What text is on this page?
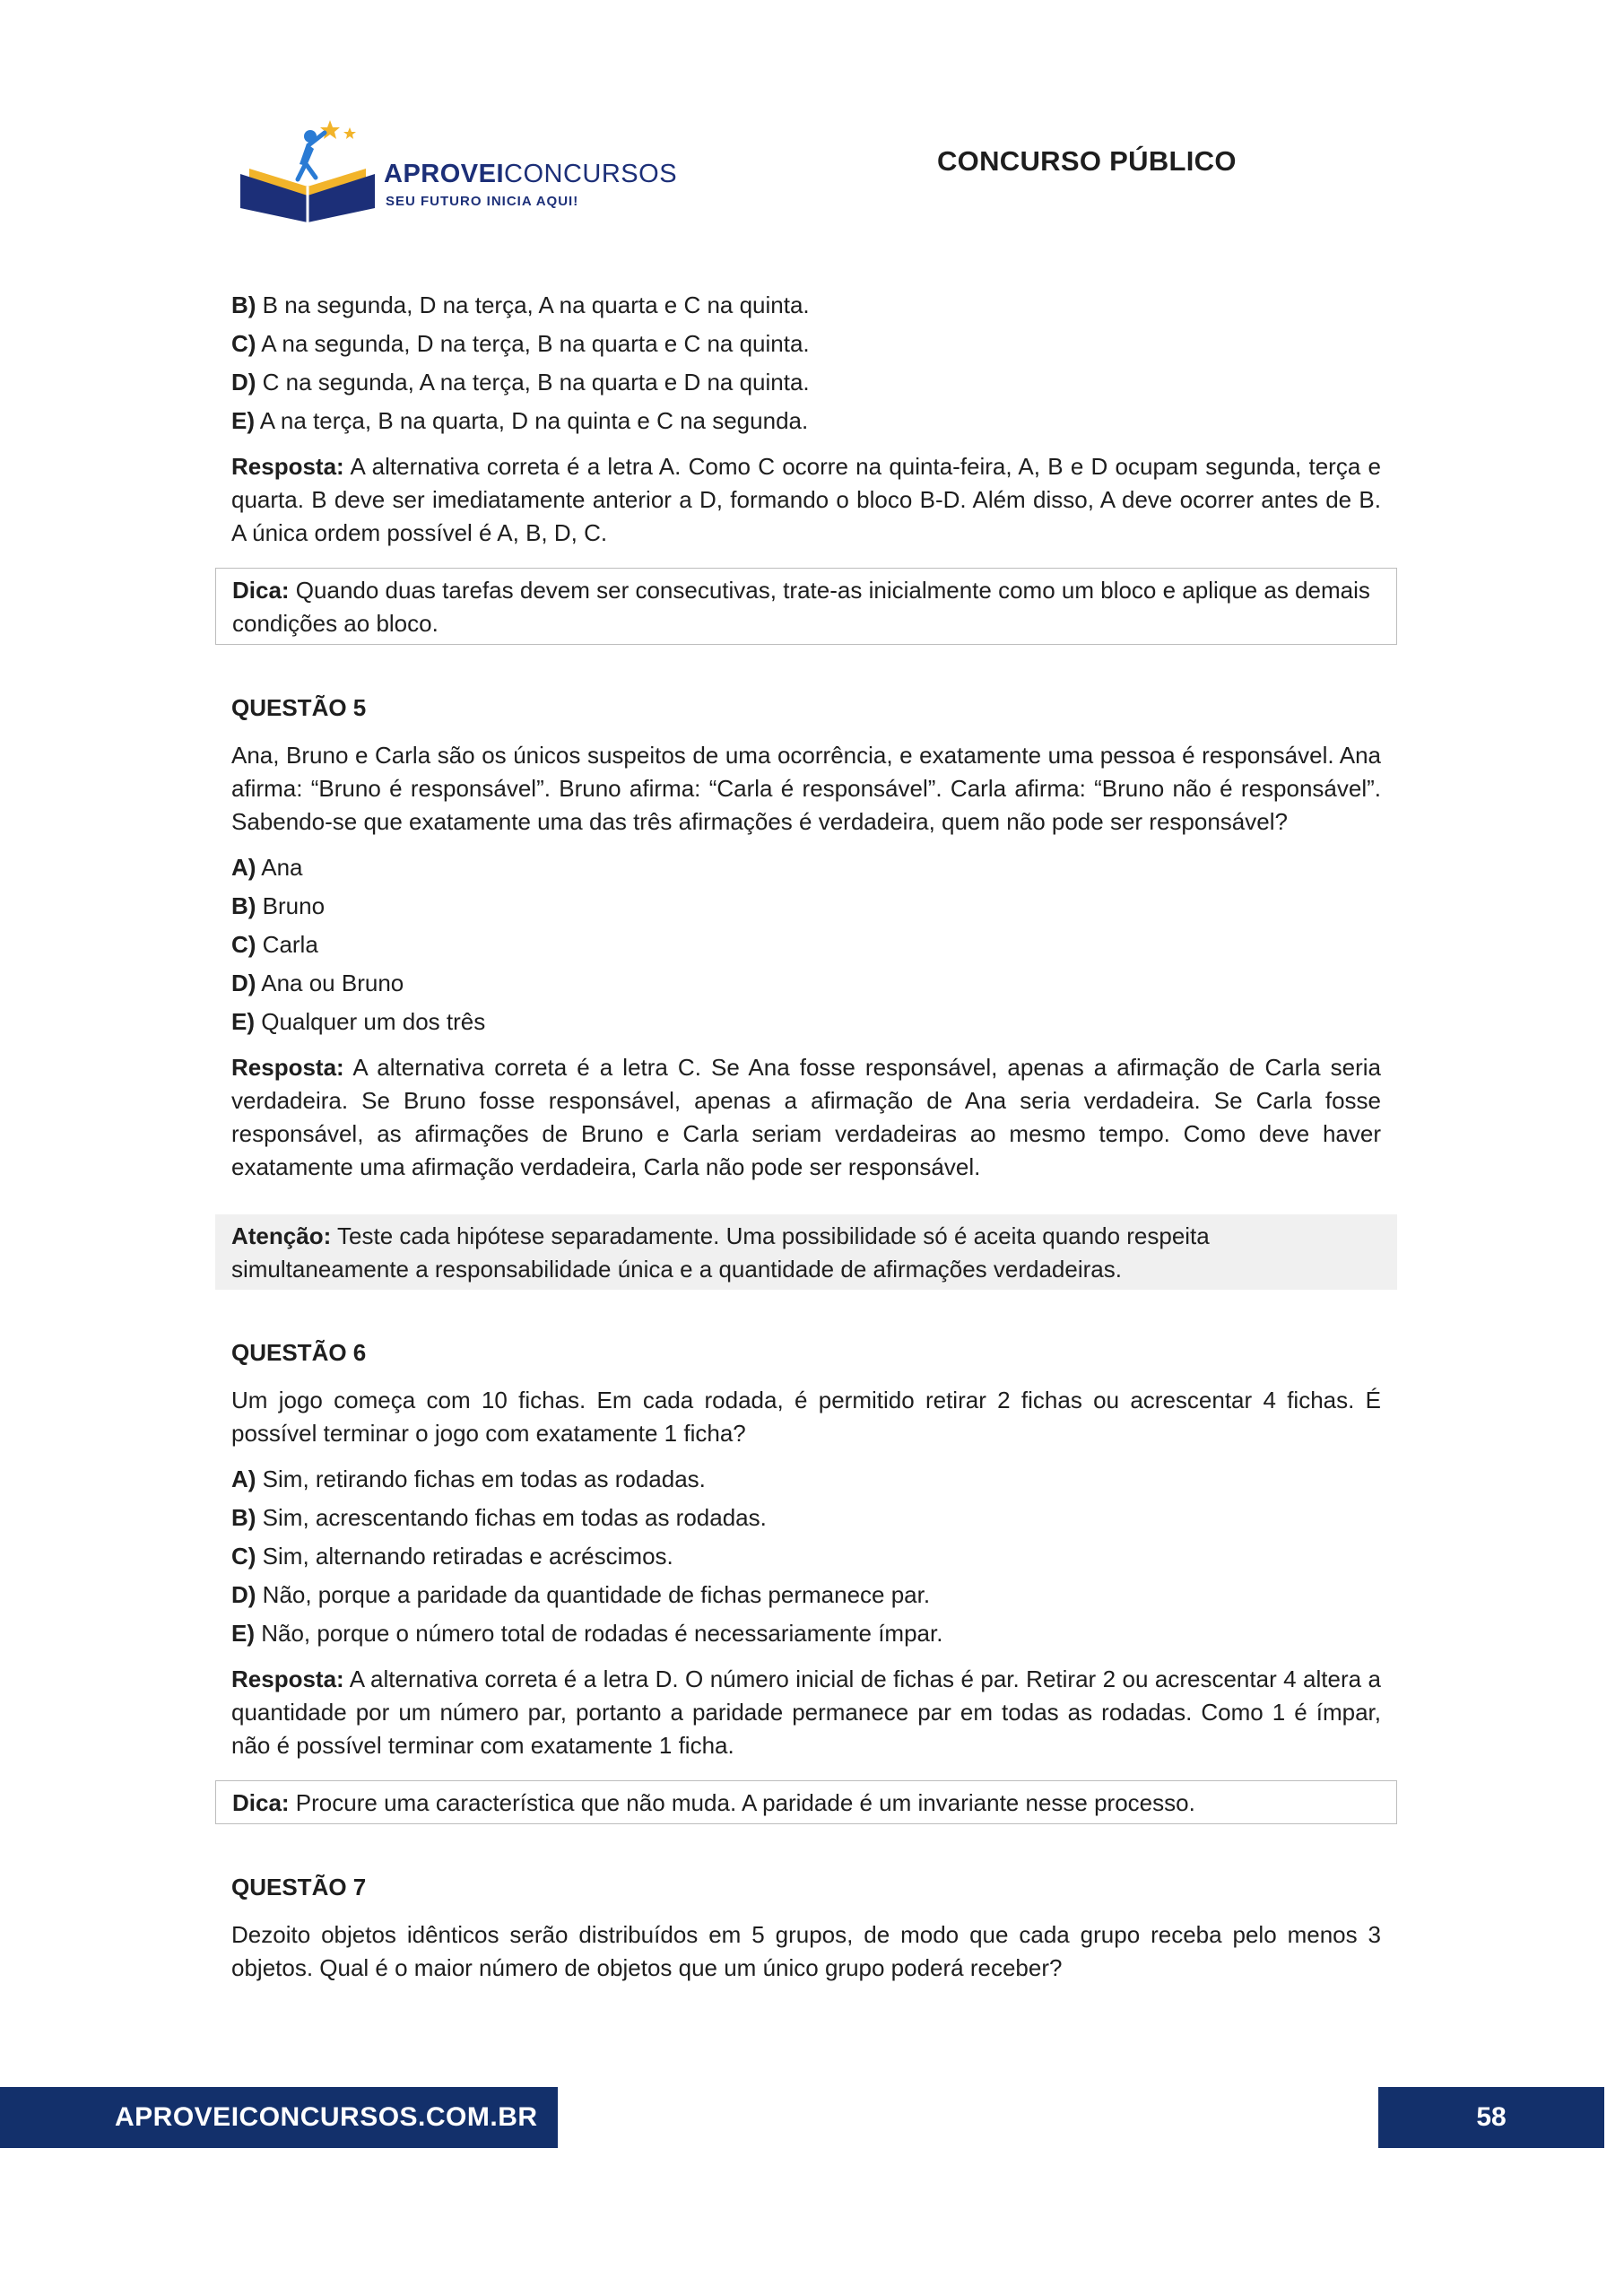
APROVEICONCURSOS
SEU FUTURO INICIA AQUI!
CONCURSO PÚBLICO

B) B na segunda, D na terça, A na quarta e C na quinta.

C) A na segunda, D na terça, B na quarta e C na quinta.

D) C na segunda, A na terça, B na quarta e D na quinta.

E) A na terça, B na quarta, D na quinta e C na segunda.

Resposta: A alternativa correta é a letra A. Como C ocorre na quinta-feira, A, B e D ocupam segunda, terça e quarta. B deve ser imediatamente anterior a D, formando o bloco B-D. Além disso, A deve ocorrer antes de B. A única ordem possível é A, B, D, C.

Dica: Quando duas tarefas devem ser consecutivas, trate-as inicialmente como um bloco e aplique as demais condições ao bloco.

QUESTÃO 5

Ana, Bruno e Carla são os únicos suspeitos de uma ocorrência, e exatamente uma pessoa é responsável. Ana afirma: “Bruno é responsável”. Bruno afirma: “Carla é responsável”. Carla afirma: “Bruno não é responsável”. Sabendo-se que exatamente uma das três afirmações é verdadeira, quem não pode ser responsável?

A) Ana

B) Bruno

C) Carla

D) Ana ou Bruno

E) Qualquer um dos três

Resposta: A alternativa correta é a letra C. Se Ana fosse responsável, apenas a afirmação de Carla seria verdadeira. Se Bruno fosse responsável, apenas a afirmação de Ana seria verdadeira. Se Carla fosse responsável, as afirmações de Bruno e Carla seriam verdadeiras ao mesmo tempo. Como deve haver exatamente uma afirmação verdadeira, Carla não pode ser responsável.

Atenção: Teste cada hipótese separadamente. Uma possibilidade só é aceita quando respeita simultaneamente a responsabilidade única e a quantidade de afirmações verdadeiras.

QUESTÃO 6

Um jogo começa com 10 fichas. Em cada rodada, é permitido retirar 2 fichas ou acrescentar 4 fichas. É possível terminar o jogo com exatamente 1 ficha?

A) Sim, retirando fichas em todas as rodadas.

B) Sim, acrescentando fichas em todas as rodadas.

C) Sim, alternando retiradas e acréscimos.

D) Não, porque a paridade da quantidade de fichas permanece par.

E) Não, porque o número total de rodadas é necessariamente ímpar.

Resposta: A alternativa correta é a letra D. O número inicial de fichas é par. Retirar 2 ou acrescentar 4 altera a quantidade por um número par, portanto a paridade permanece par em todas as rodadas. Como 1 é ímpar, não é possível terminar com exatamente 1 ficha.

Dica: Procure uma característica que não muda. A paridade é um invariante nesse processo.

QUESTÃO 7

Dezoito objetos idênticos serão distribuídos em 5 grupos, de modo que cada grupo receba pelo menos 3 objetos. Qual é o maior número de objetos que um único grupo poderá receber?

APROVEICONCURSOS.COM.BR	58
